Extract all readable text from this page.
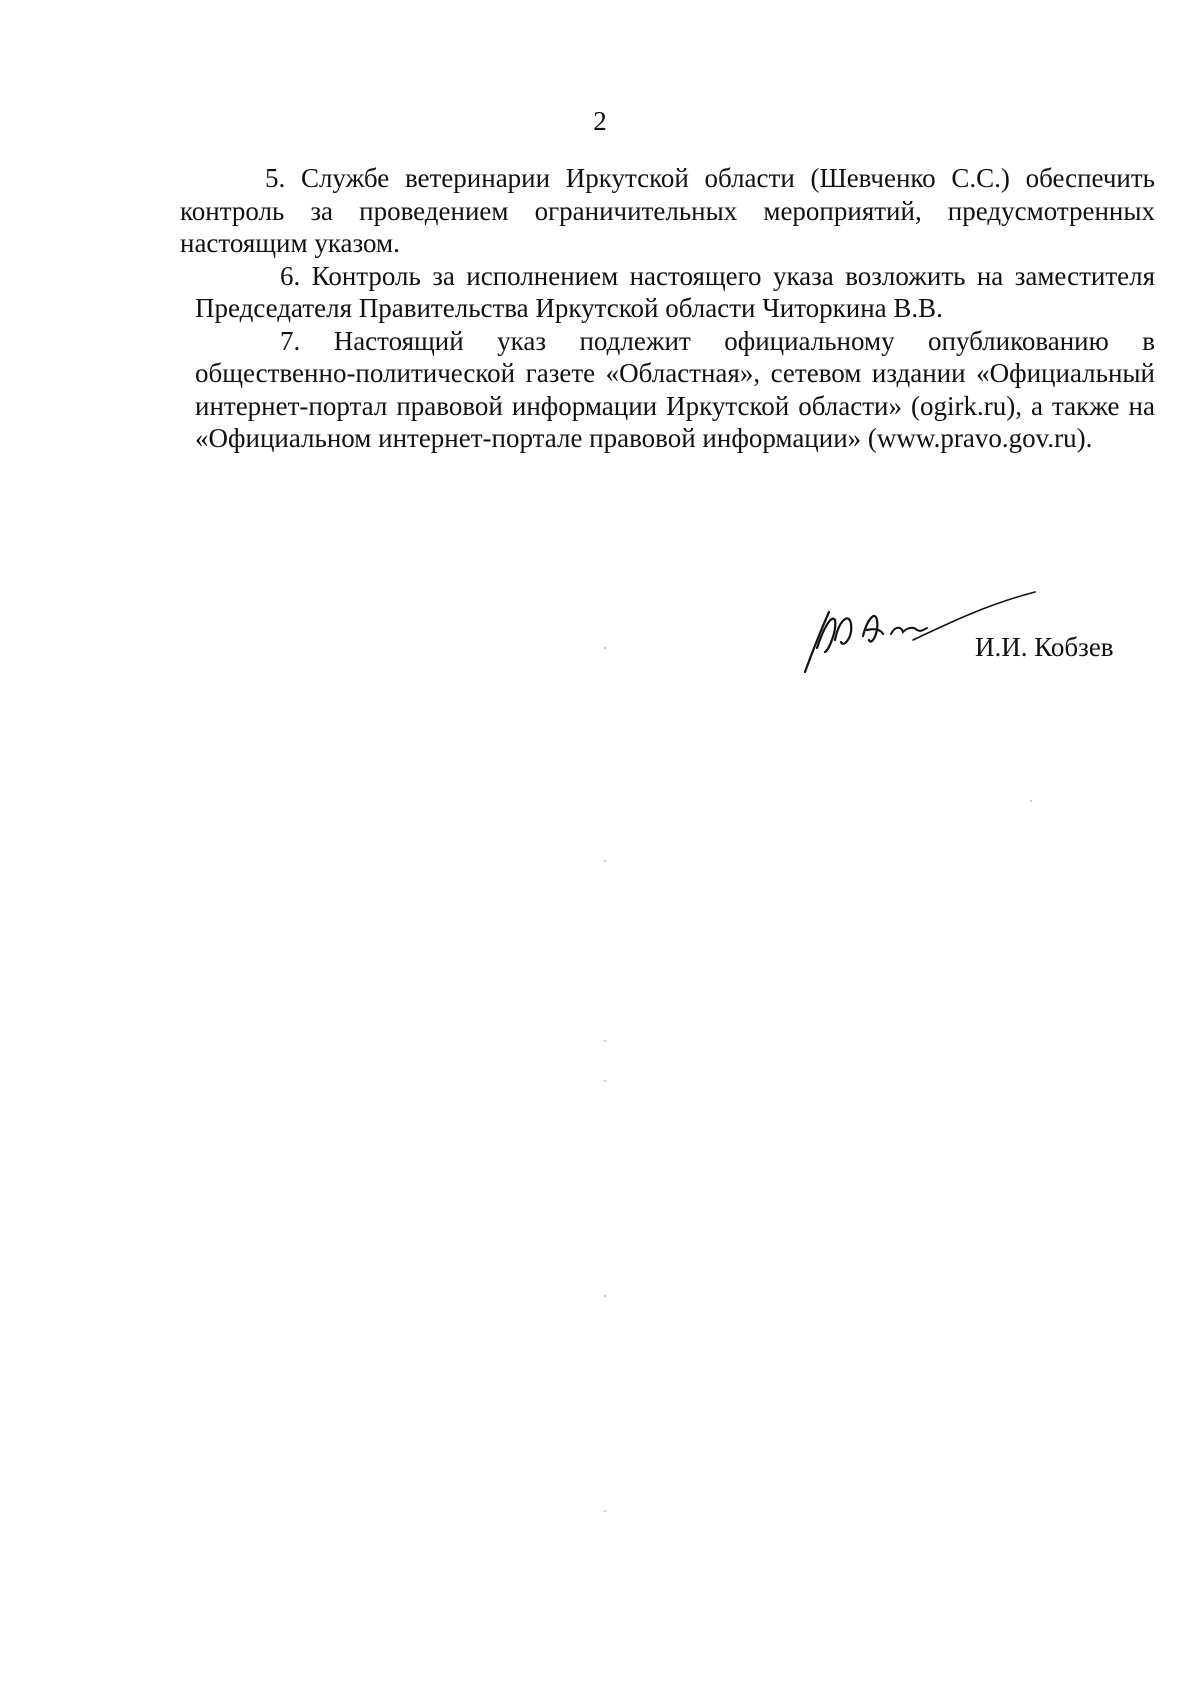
2

5. Службе ветеринарии Иркутской области (Шевченко С.С.) обеспечить контроль за проведением ограничительных мероприятий, предусмотренных настоящим указом.

6. Контроль за исполнением настоящего указа возложить на заместителя Председателя Правительства Иркутской области Читоркина В.В.

7. Настоящий указ подлежит официальному опубликованию в общественно-политической газете «Областная», сетевом издании «Официальный интернет-портал правовой информации Иркутской области» (ogirk.ru), а также на «Официальном интернет-портале правовой информации» (www.pravo.gov.ru).

И.И. Кобзев
